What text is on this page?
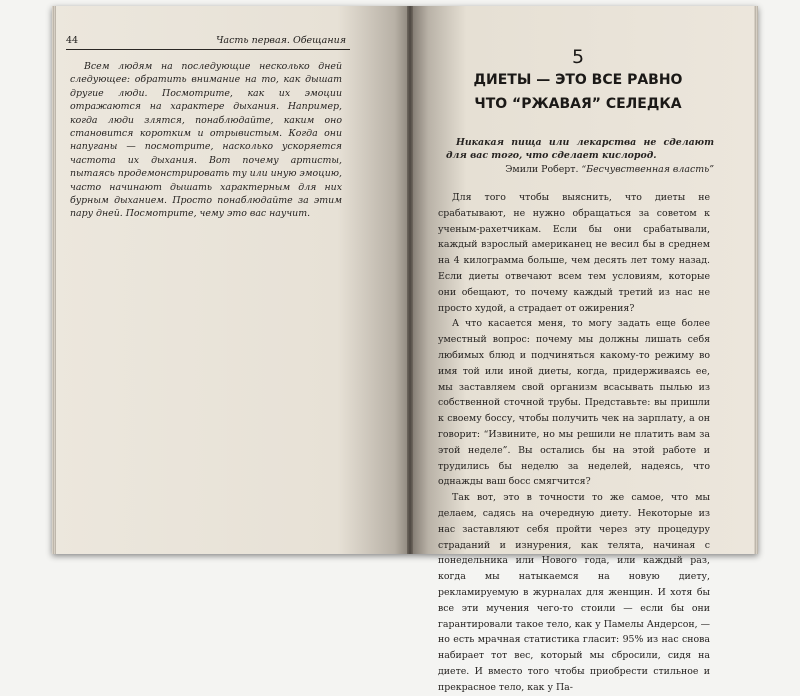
44	Часть первая. Обещания

Всем людям на последующие несколько дней следующее: обратить внимание на то, как дышат другие люди. Посмотрите, как их эмоции отражаются на характере дыхания. Например, когда люди злятся, понаблюдайте, каким оно становится коротким и отрывистым. Когда они напуганы — посмотрите, насколько ускоряется частота их дыхания. Вот почему артисты, пытаясь продемонстрировать ту или иную эмоцию, часто начинают дышать характерным для них бурным дыханием. Просто понаблюдайте за этим пару дней. Посмотрите, чему это вас научит.

5
ДИЕТЫ — ЭТО ВСЕ РАВНО
ЧТО “РЖАВАЯ” СЕЛЕДКА
Никакая пища или лекарства не сделают для вас того, что сделает кислород.
Эмили Роберт. “Бесчувственная власть”

Для того чтобы выяснить, что диеты не срабатывают, не нужно обращаться за советом к ученым-рахетчикам. Если бы они срабатывали, каждый взрослый американец не весил бы в среднем на 4 килограмма больше, чем десять лет тому назад. Если диеты отвечают всем тем условиям, которые они обещают, то почему каждый третий из нас не просто худой, а страдает от ожирения?

А что касается меня, то могу задать еще более уместный вопрос: почему мы должны лишать себя любимых блюд и подчиняться какому-то режиму во имя той или иной диеты, когда, придерживаясь ее, мы заставляем свой организм всасывать пылью из собственной сточной трубы. Представьте: вы пришли к своему боссу, чтобы получить чек на зарплату, а он говорит: “Извините, но мы решили не платить вам за этой неделе”. Вы остались бы на этой работе и трудились бы неделю за неделей, надеясь, что однажды ваш босс смягчится?

Так вот, это в точности то же самое, что мы делаем, садясь на очередную диету. Некоторые из нас заставляют себя пройти через эту процедуру страданий и изнурения, как телята, начиная с понедельника или Нового года, или каждый раз, когда мы натыкаемся на новую диету, рекламируемую в журналах для женщин. И хотя бы все эти мучения чего-то стоили — если бы они гарантировали такое тело, как у Памелы Андерсон, — но есть мрачная статистика гласит: 95% из нас снова набирает тот вес, который мы сбросили, сидя на диете. И вместо того чтобы приобрести стильное и прекрасное тело, как у Па-
